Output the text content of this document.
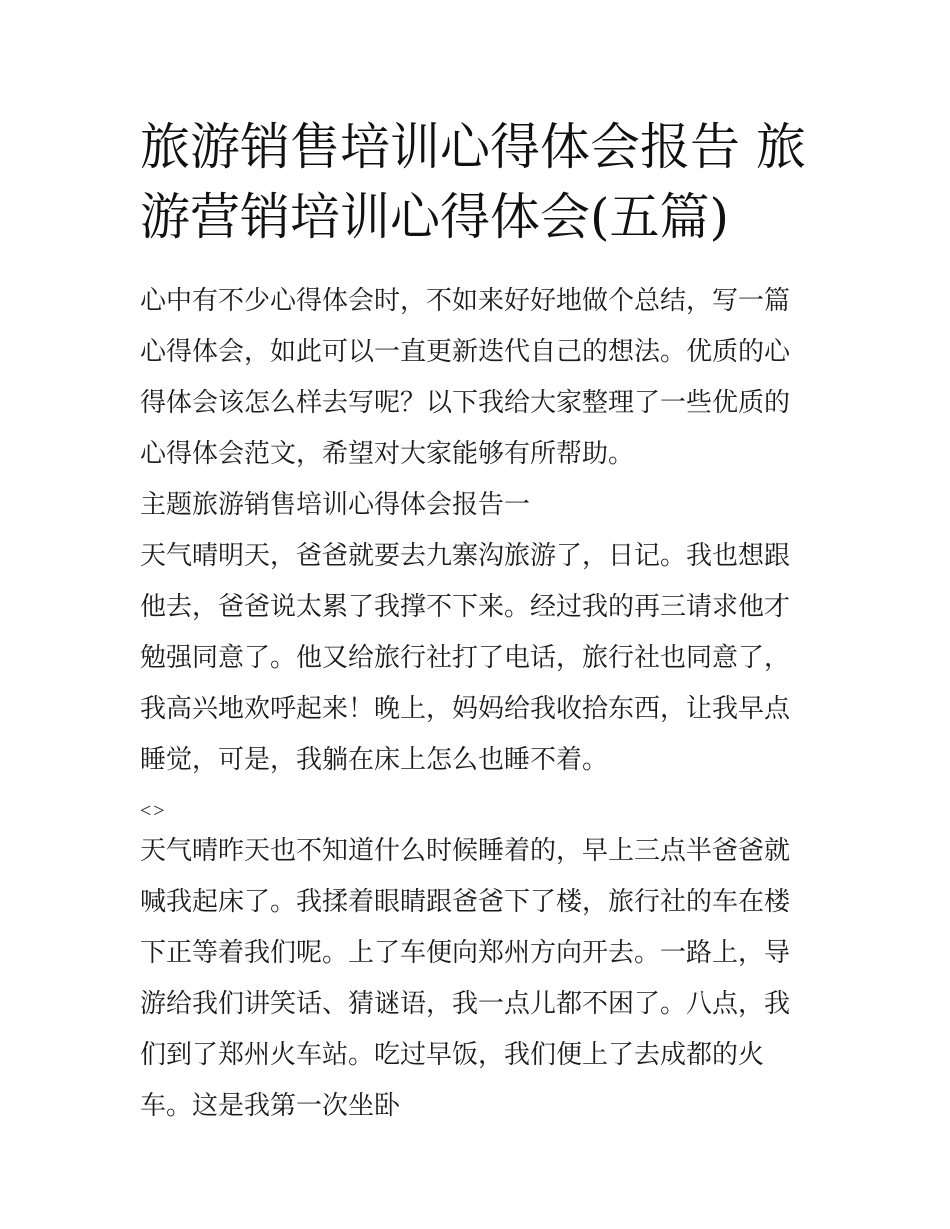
旅游销售培训心得体会报告 旅游营销培训心得体会(五篇)

心中有不少心得体会时，不如来好好地做个总结，写一篇心得体会，如此可以一直更新迭代自己的想法。优质的心得体会该怎么样去写呢？以下我给大家整理了一些优质的心得体会范文，希望对大家能够有所帮助。

主题旅游销售培训心得体会报告一

天气晴明天，爸爸就要去九寨沟旅游了，日记。我也想跟他去，爸爸说太累了我撑不下来。经过我的再三请求他才勉强同意了。他又给旅行社打了电话，旅行社也同意了，我高兴地欢呼起来！晚上，妈妈给我收拾东西，让我早点睡觉，可是，我躺在床上怎么也睡不着。

<>

天气晴昨天也不知道什么时候睡着的，早上三点半爸爸就喊我起床了。我揉着眼睛跟爸爸下了楼，旅行社的车在楼下正等着我们呢。上了车便向郑州方向开去。一路上，导游给我们讲笑话、猜谜语，我一点儿都不困了。八点，我们到了郑州火车站。吃过早饭，我们便上了去成都的火车。这是我第一次坐卧
